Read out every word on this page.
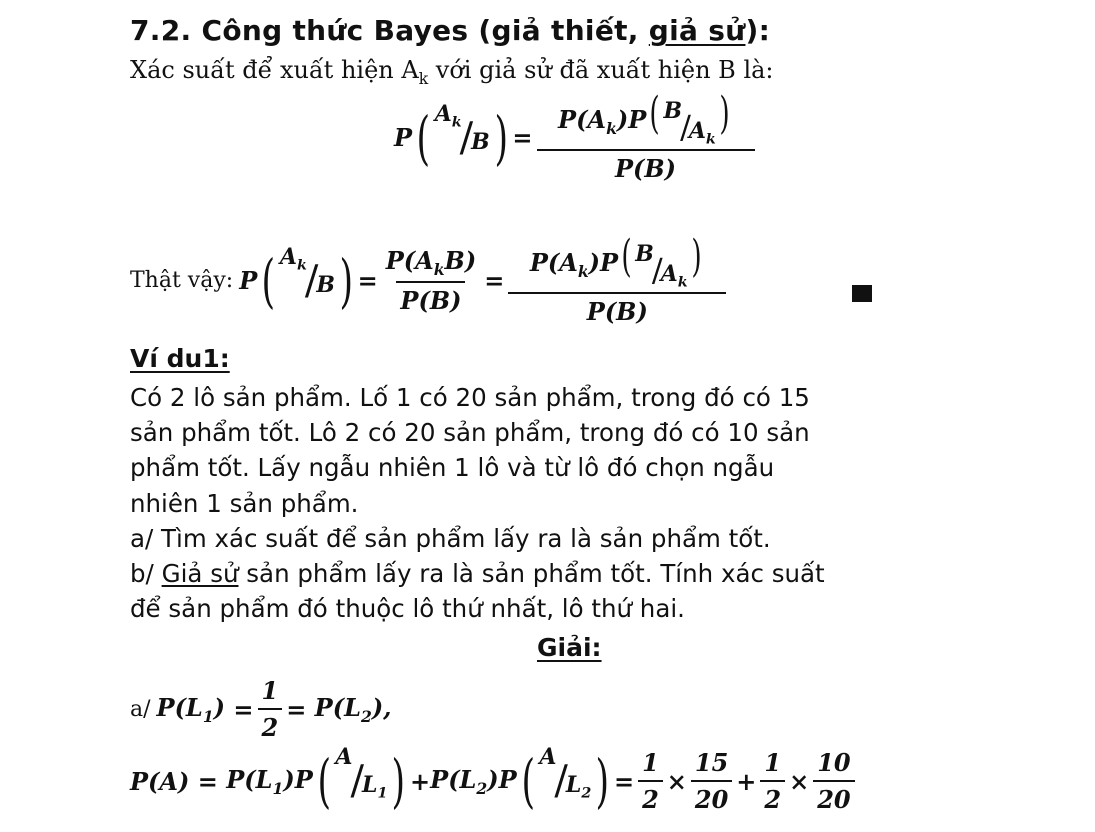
7.2. Công thức Bayes (giả thiết, giả sử):
Xác suất để xuất hiện $A_k$ với giả sử đã xuất hiện B là:
P ( $A_k$
/
B ) = $P(A_k)P$( B
/
$A_k$
)
P(B)
Thật vậy: P ( $A_k$
/
B ) = $\frac{P(A_kB)}{P(B)} = P(A_k)P$( B
/
$A_k$
)
P(B)
Ví du1:
Có 2 lô sản phẩm. Lố 1 có 20 sản phẩm, trong đó có 15
sản phẩm tốt. Lô 2 có 20 sản phẩm, trong đó có 10 sản
phẩm tốt. Lấy ngẫu nhiên 1 lô và từ lô đó chọn ngẫu
nhiên 1 sản phẩm.
a/ Tìm xác suất để sản phẩm lấy ra là sản phẩm tốt.
b/ Giả sử sản phẩm lấy ra là sản phẩm tốt. Tính xác suất
để sản phẩm đó thuộc lô thứ nhất, lô thứ hai.
Giải:
a/ $P(L_1) = \frac{1}{2} = P(L_2)$,
$P(A) = P(L_1)P$ ( A
/
$L_1$ ) + $P(L_2)P$ ( A
/
$L_2$ ) = $\frac{1}{2} \times \frac{15}{20} + \frac{1}{2} \times \frac{10}{20}$
